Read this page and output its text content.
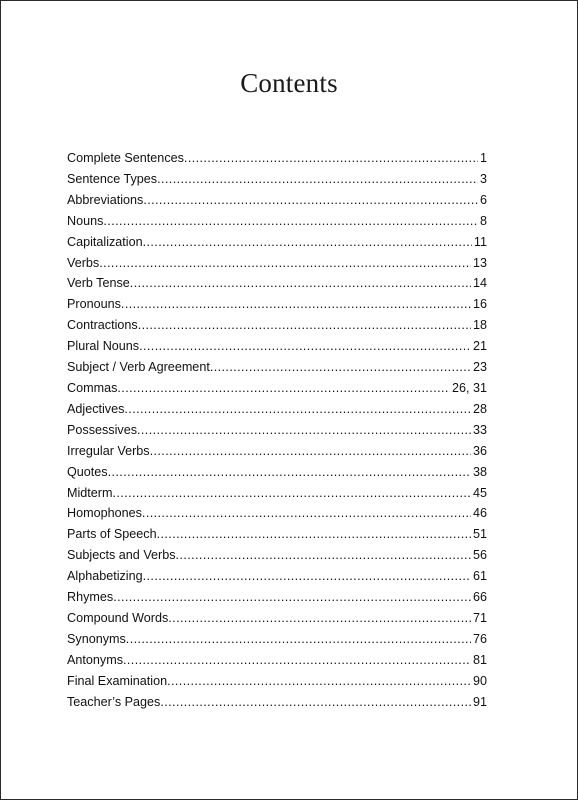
Contents
Complete Sentences .....	1
Sentence Types .....	3
Abbreviations .....	6
Nouns .....	8
Capitalization .....	11
Verbs .....	13
Verb Tense .....	14
Pronouns .....	16
Contractions .....	18
Plural Nouns .....	21
Subject / Verb Agreement .....	23
Commas .....	26, 31
Adjectives .....	28
Possessives .....	33
Irregular Verbs .....	36
Quotes .....	38
Midterm .....	45
Homophones .....	46
Parts of Speech .....	51
Subjects and Verbs .....	56
Alphabetizing .....	61
Rhymes .....	66
Compound Words .....	71
Synonyms .....	76
Antonyms .....	81
Final Examination .....	90
Teacher’s Pages .....	91
